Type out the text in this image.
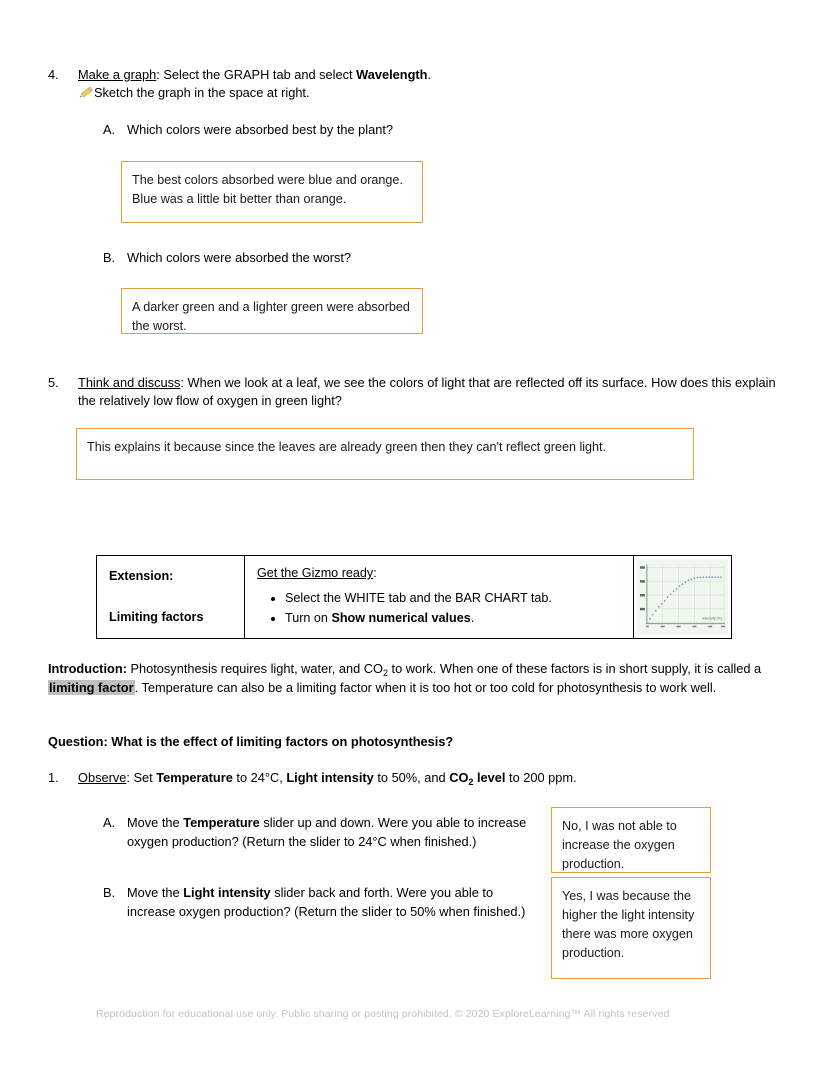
4.	Make a graph: Select the GRAPH tab and select Wavelength.

Sketch the graph in the space at right.
A. Which colors were absorbed best by the plant?
The best colors absorbed were blue and orange. Blue was a little bit better than orange.
B. Which colors were absorbed the worst?
A darker green and a lighter green were absorbed the worst.
5.	Think and discuss: When we look at a leaf, we see the colors of light that are reflected off its surface. How does this explain the relatively low flow of oxygen in green light?
This explains it because since the leaves are already green then they can't reflect green light.
Extension:
Limiting factors
Get the Gizmo ready:
• Select the WHITE tab and the BAR CHART tab.
• Turn on Show numerical values.	Intensity (%)
Introduction: Photosynthesis requires light, water, and $CO_2$ to work. When one of these factors is in short supply, it is called a limiting factor. Temperature can also be a limiting factor when it is too hot or too cold for photosynthesis to work well.
Question: What is the effect of limiting factors on photosynthesis?
1.	Observe: Set Temperature to 24°C, Light intensity to 50%, and $CO_2$ level to 200 ppm.
A. Move the Temperature slider up and down. Were you able to increase oxygen production? (Return the slider to 24°C when finished.)
No, I was not able to increase the oxygen production.
B. Move the Light intensity slider back and forth. Were you able to increase oxygen production? (Return the slider to 50% when finished.)
Yes, I was because the higher the light intensity there was more oxygen production.
Reproduction for educational use only. Public sharing or posting prohibited. © 2020 ExploreLearning™ All rights reserved
